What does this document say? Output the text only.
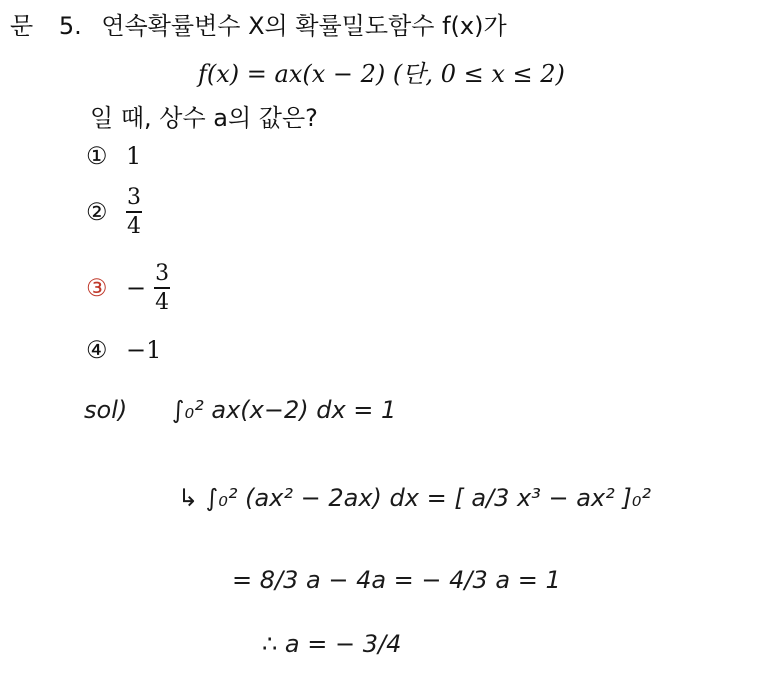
문 5. 연속확률변수 X의 확률밀도함수 f(x)가
f(x) = ax(x − 2) (단, 0 ≤ x ≤ 2)
일 때, 상수 a의 값은?
① 1
② $\frac{3}{4}$
③ − $\frac{3}{4}$
④ −1
sol) ∫₀² ax(x−2) dx = 1
↳ ∫₀² (ax² − 2ax) dx = [ a/3 x³ − ax² ]₀²
= 8/3 a − 4a = − 4/3 a = 1
∴ a = − 3/4
